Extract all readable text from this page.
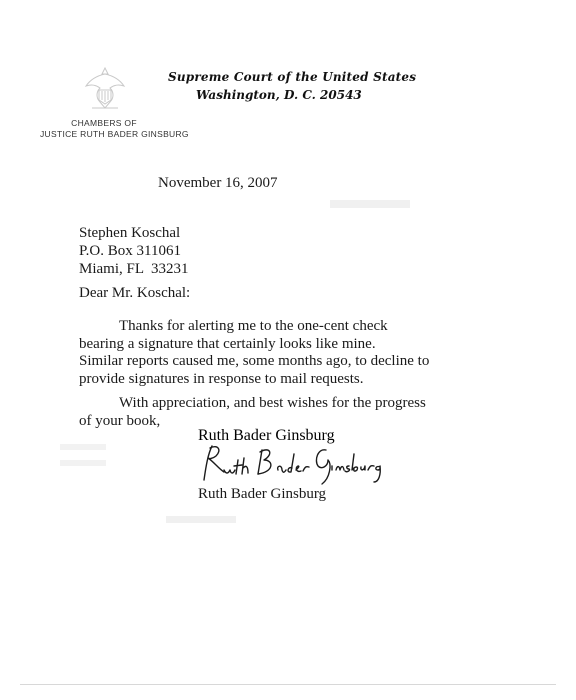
Supreme Court of the United States
Washington, D. C. 20543
CHAMBERS OF
JUSTICE RUTH BADER GINSBURG
November 16, 2007
Stephen Koschal
P.O. Box 311061
Miami, FL  33231
Dear Mr. Koschal:
Thanks for alerting me to the one-cent check
bearing a signature that certainly looks like mine.
Similar reports caused me, some months ago, to decline to
provide signatures in response to mail requests.
With appreciation, and best wishes for the progress
of your book,
Ruth Bader Ginsburg
Ruth Bader Ginsburg
